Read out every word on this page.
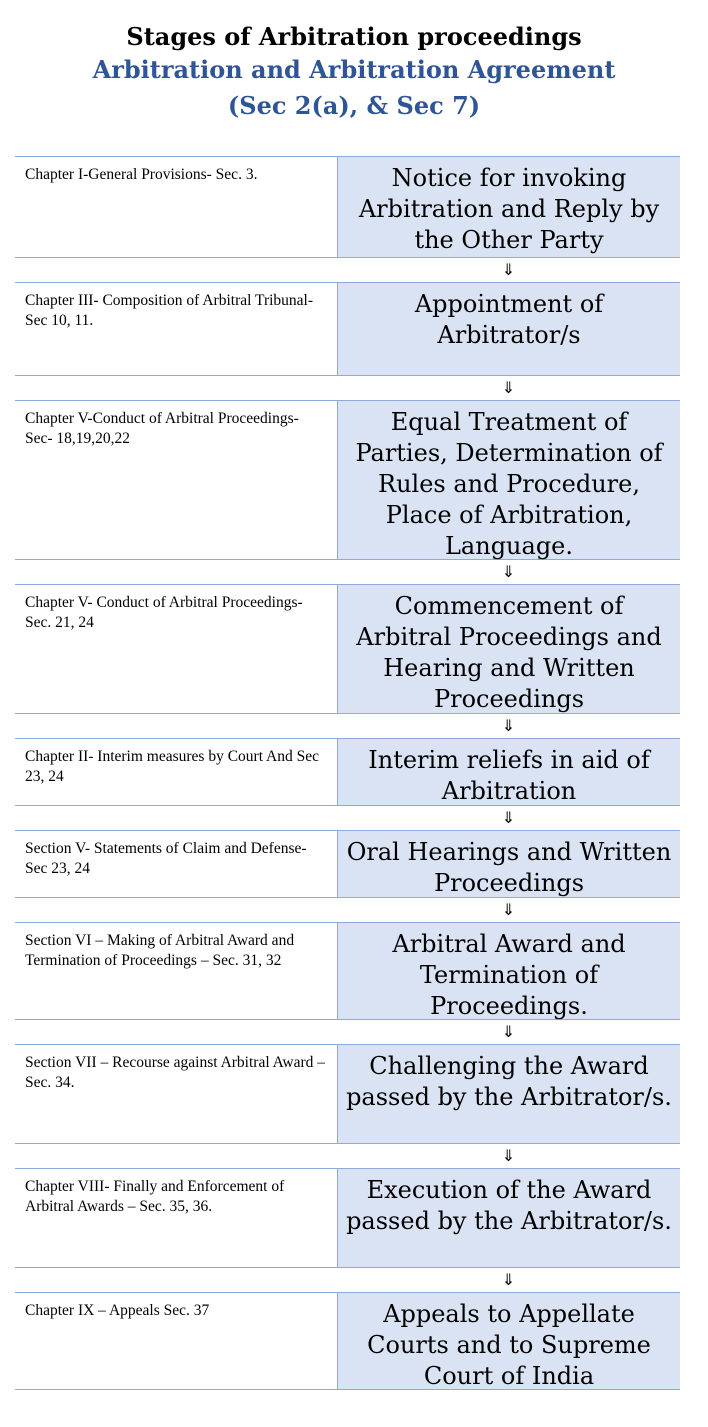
Stages of Arbitration proceedings
Arbitration and Arbitration Agreement
(Sec 2(a), & Sec 7)
Chapter I-General Provisions- Sec. 3.	Notice for invoking Arbitration and Reply by the Other Party
⇓
Chapter III- Composition of Arbitral Tribunal- Sec 10, 11.
Appointment of Arbitrator/s
⇓
Chapter V-Conduct of Arbitral Proceedings- Sec- 18,19,20,22
Equal Treatment of Parties, Determination of Rules and Procedure, Place of Arbitration, Language.
⇓
Chapter V- Conduct of Arbitral Proceedings- Sec. 21, 24
Commencement of Arbitral Proceedings and Hearing and Written Proceedings
⇓
Chapter II- Interim measures by Court And Sec 23, 24
Interim reliefs in aid of Arbitration
⇓
Section V- Statements of Claim and Defense- Sec 23, 24
Oral Hearings and Written Proceedings
⇓
Section VI – Making of Arbitral Award and Termination of Proceedings – Sec. 31, 32
Arbitral Award and Termination of Proceedings.
⇓
Section VII – Recourse against Arbitral Award – Sec. 34.
Challenging the Award passed by the Arbitrator/s.
⇓
Chapter VIII- Finally and Enforcement of Arbitral Awards – Sec. 35, 36.
Execution of the Award passed by the Arbitrator/s.
⇓
Chapter IX – Appeals Sec. 37	Appeals to Appellate Courts and to Supreme Court of India
